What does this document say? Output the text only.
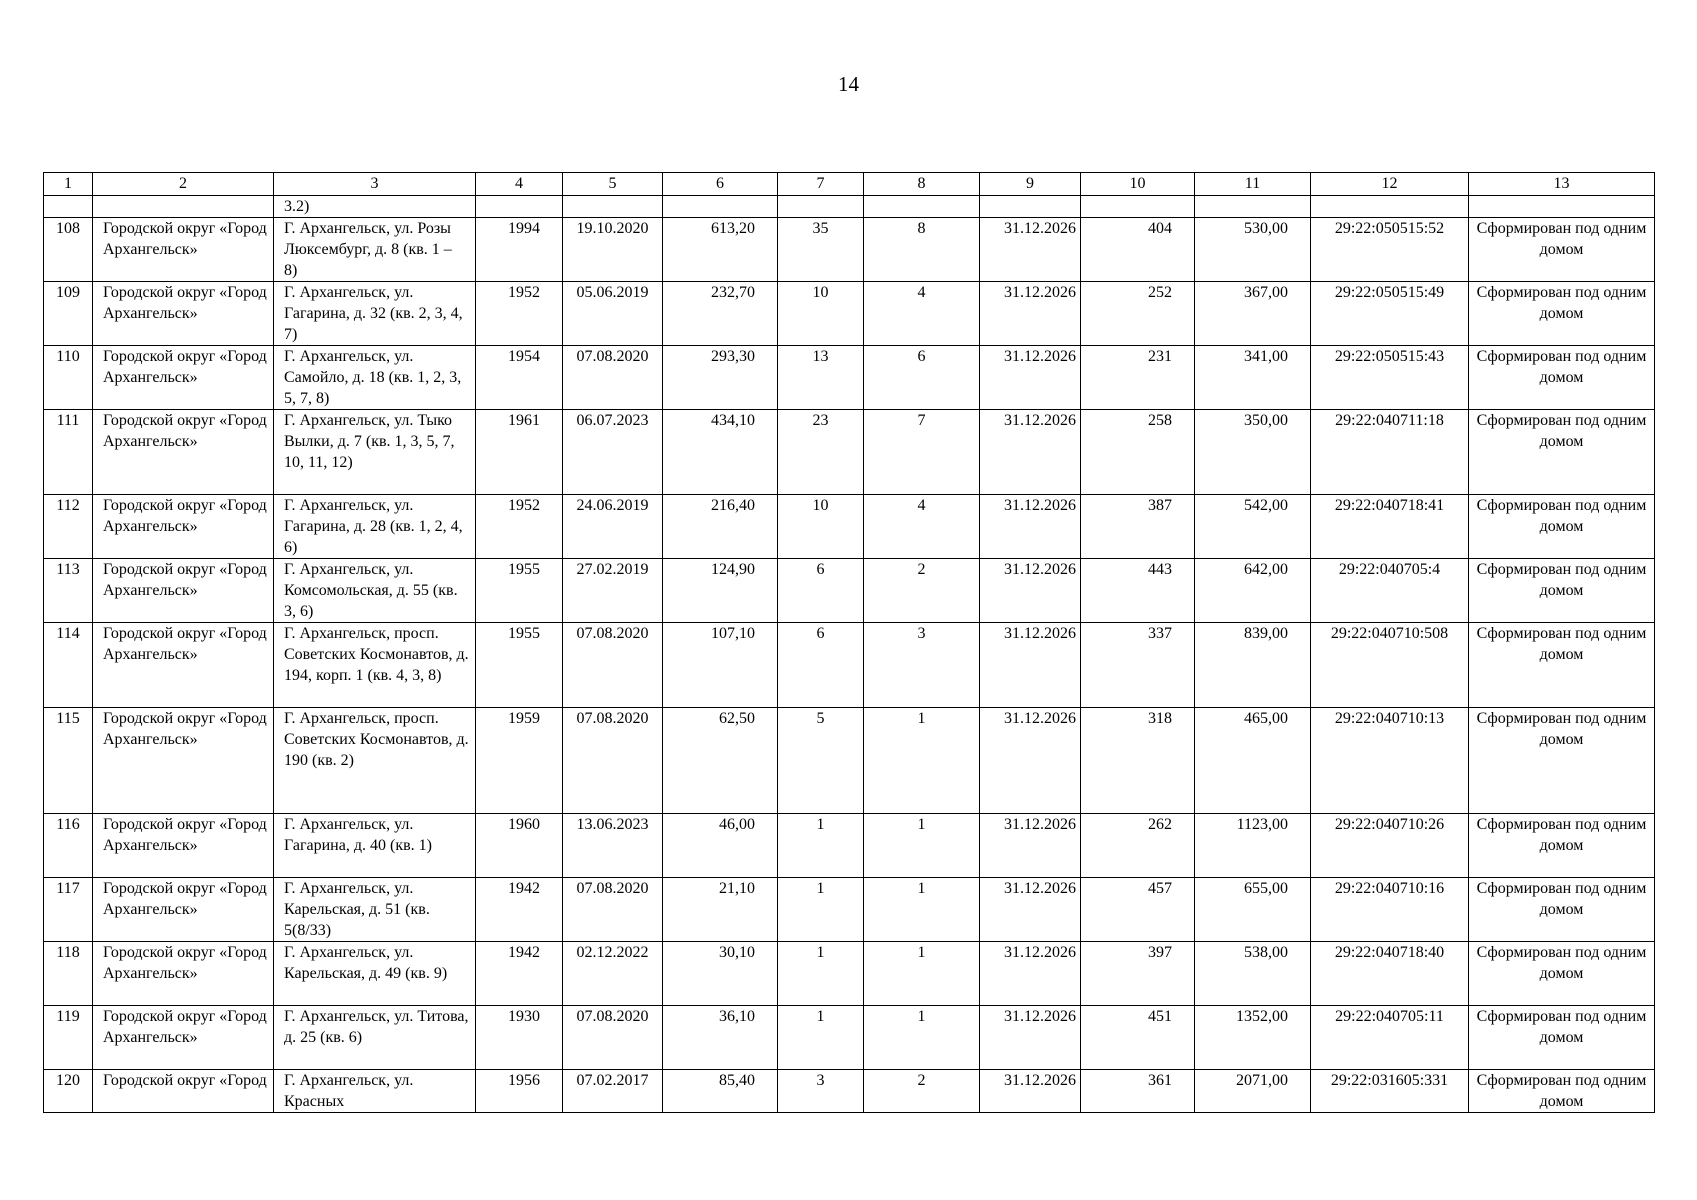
14
1	2	3	4	5	6	7	8	9	10	11	12	13
		3.2)										
108	Городской округ «Город Архангельск»	Г. Архангельск, ул. Розы Люксембург, д. 8 (кв. 1 – 8)	1994	19.10.2020	613,20	35	8	31.12.2026	404	530,00	29:22:050515:52	Сформирован под одним домом
109	Городской округ «Город Архангельск»	Г. Архангельск, ул. Гагарина, д. 32 (кв. 2, 3, 4, 7)	1952	05.06.2019	232,70	10	4	31.12.2026	252	367,00	29:22:050515:49	Сформирован под одним домом
110	Городской округ «Город Архангельск»	Г. Архангельск, ул. Самойло, д. 18 (кв. 1, 2, 3, 5, 7, 8)	1954	07.08.2020	293,30	13	6	31.12.2026	231	341,00	29:22:050515:43	Сформирован под одним домом
111	Городской округ «Город Архангельск»	Г. Архангельск, ул. Тыко Вылки, д. 7 (кв. 1, 3, 5, 7, 10, 11, 12)	1961	06.07.2023	434,10	23	7	31.12.2026	258	350,00	29:22:040711:18	Сформирован под одним домом
112	Городской округ «Город Архангельск»	Г. Архангельск, ул. Гагарина, д. 28 (кв. 1, 2, 4, 6)	1952	24.06.2019	216,40	10	4	31.12.2026	387	542,00	29:22:040718:41	Сформирован под одним домом
113	Городской округ «Город Архангельск»	Г. Архангельск, ул. Комсомольская, д. 55 (кв. 3, 6)	1955	27.02.2019	124,90	6	2	31.12.2026	443	642,00	29:22:040705:4	Сформирован под одним домом
114	Городской округ «Город Архангельск»	Г. Архангельск, просп. Советских Космонавтов, д. 194, корп. 1 (кв. 4, 3, 8)	1955	07.08.2020	107,10	6	3	31.12.2026	337	839,00	29:22:040710:508	Сформирован под одним домом
115	Городской округ «Город Архангельск»	Г. Архангельск, просп. Советских Космонавтов, д. 190 (кв. 2)	1959	07.08.2020	62,50	5	1	31.12.2026	318	465,00	29:22:040710:13	Сформирован под одним домом
116	Городской округ «Город Архангельск»	Г. Архангельск, ул. Гагарина, д. 40 (кв. 1)	1960	13.06.2023	46,00	1	1	31.12.2026	262	1123,00	29:22:040710:26	Сформирован под одним домом
117	Городской округ «Город Архангельск»	Г. Архангельск, ул. Карельская, д. 51 (кв. 5(8/33)	1942	07.08.2020	21,10	1	1	31.12.2026	457	655,00	29:22:040710:16	Сформирован под одним домом
118	Городской округ «Город Архангельск»	Г. Архангельск, ул. Карельская, д. 49 (кв. 9)	1942	02.12.2022	30,10	1	1	31.12.2026	397	538,00	29:22:040718:40	Сформирован под одним домом
119	Городской округ «Город Архангельск»	Г. Архангельск, ул. Титова, д. 25 (кв. 6)	1930	07.08.2020	36,10	1	1	31.12.2026	451	1352,00	29:22:040705:11	Сформирован под одним домом
120	Городской округ «Город	Г. Архангельск, ул. Красных	1956	07.02.2017	85,40	3	2	31.12.2026	361	2071,00	29:22:031605:331	Сформирован под одним домом
